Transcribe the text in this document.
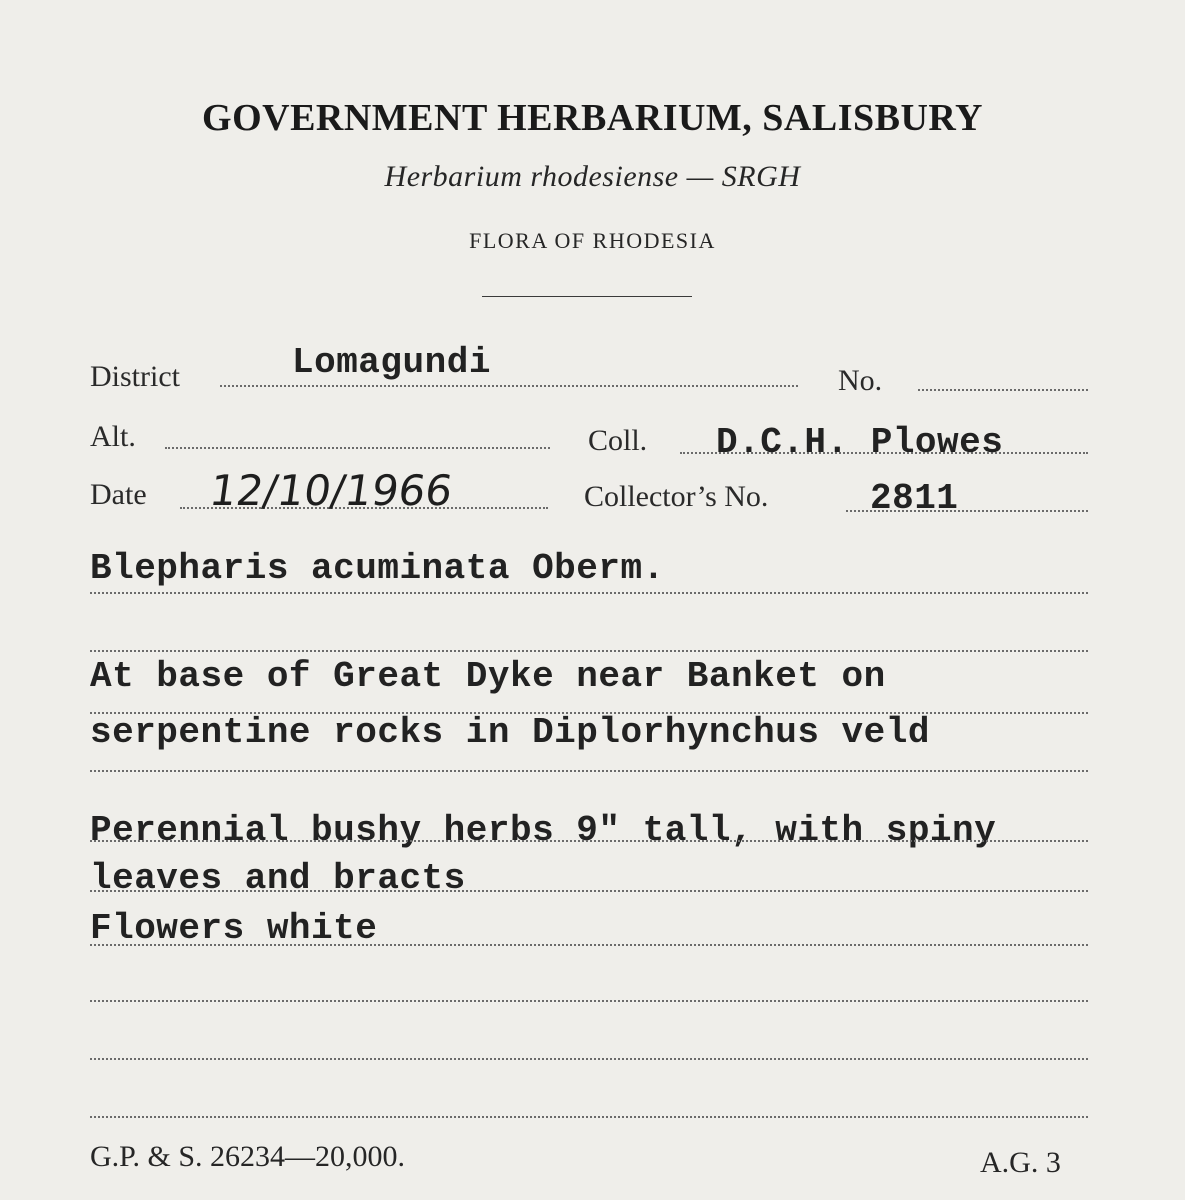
GOVERNMENT HERBARIUM, SALISBURY
Herbarium rhodesiense — SRGH
FLORA OF RHODESIA
District	Lomagundi	No.
Alt.	Coll. D.C.H. Plowes
Date 12/10/1966	Collector’s No.	2811
Blepharis acuminata Oberm.
At base of Great Dyke near Banket on
serpentine rocks in Diplorhynchus veld
Perennial bushy herbs 9" tall, with spiny
leaves and bracts
Flowers white
G.P. & S. 26234—20,000.	A.G. 3
